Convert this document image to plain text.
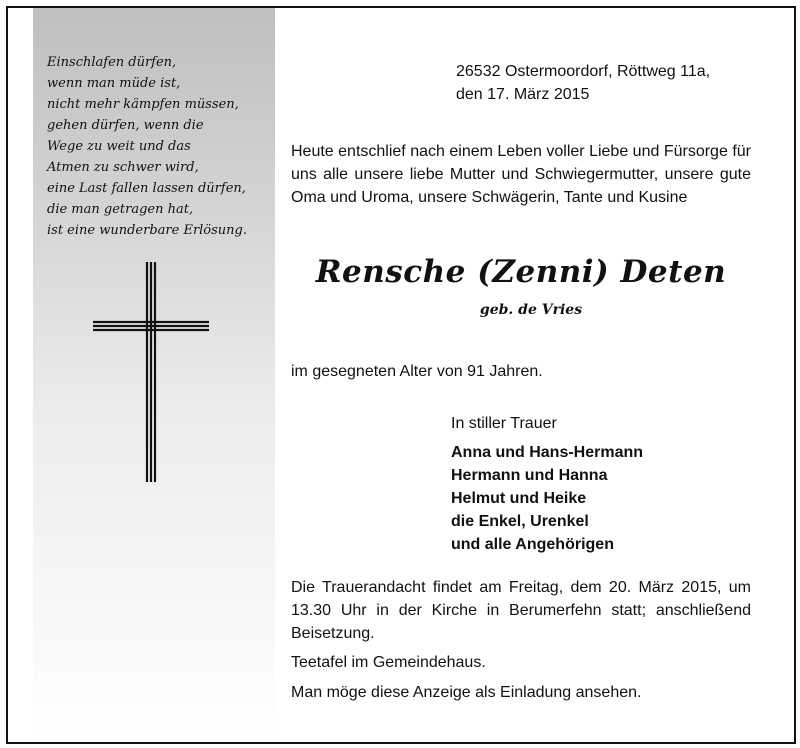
Einschlafen dürfen,
wenn man müde ist,
nicht mehr kämpfen müssen,
gehen dürfen, wenn die
Wege zu weit und das
Atmen zu schwer wird,
eine Last fallen lassen dürfen,
die man getragen hat,
ist eine wunderbare Erlösung.
26532 Ostermoordorf, Röttweg 11a,
den 17. März 2015
Heute entschlief nach einem Leben voller Liebe und Fürsorge für uns alle unsere liebe Mutter und Schwiegermutter, unsere gute Oma und Uroma, unsere Schwägerin, Tante und Kusine
Rensche (Zenni) Deten
geb. de Vries
im gesegneten Alter von 91 Jahren.
In stiller Trauer
Anna und Hans-Hermann
Hermann und Hanna
Helmut und Heike
die Enkel, Urenkel
und alle Angehörigen
Die Trauerandacht findet am Freitag, dem 20. März 2015, um 13.30 Uhr in der Kirche in Berumerfehn statt; anschließend Beisetzung.
Teetafel im Gemeindehaus.
Man möge diese Anzeige als Einladung ansehen.
